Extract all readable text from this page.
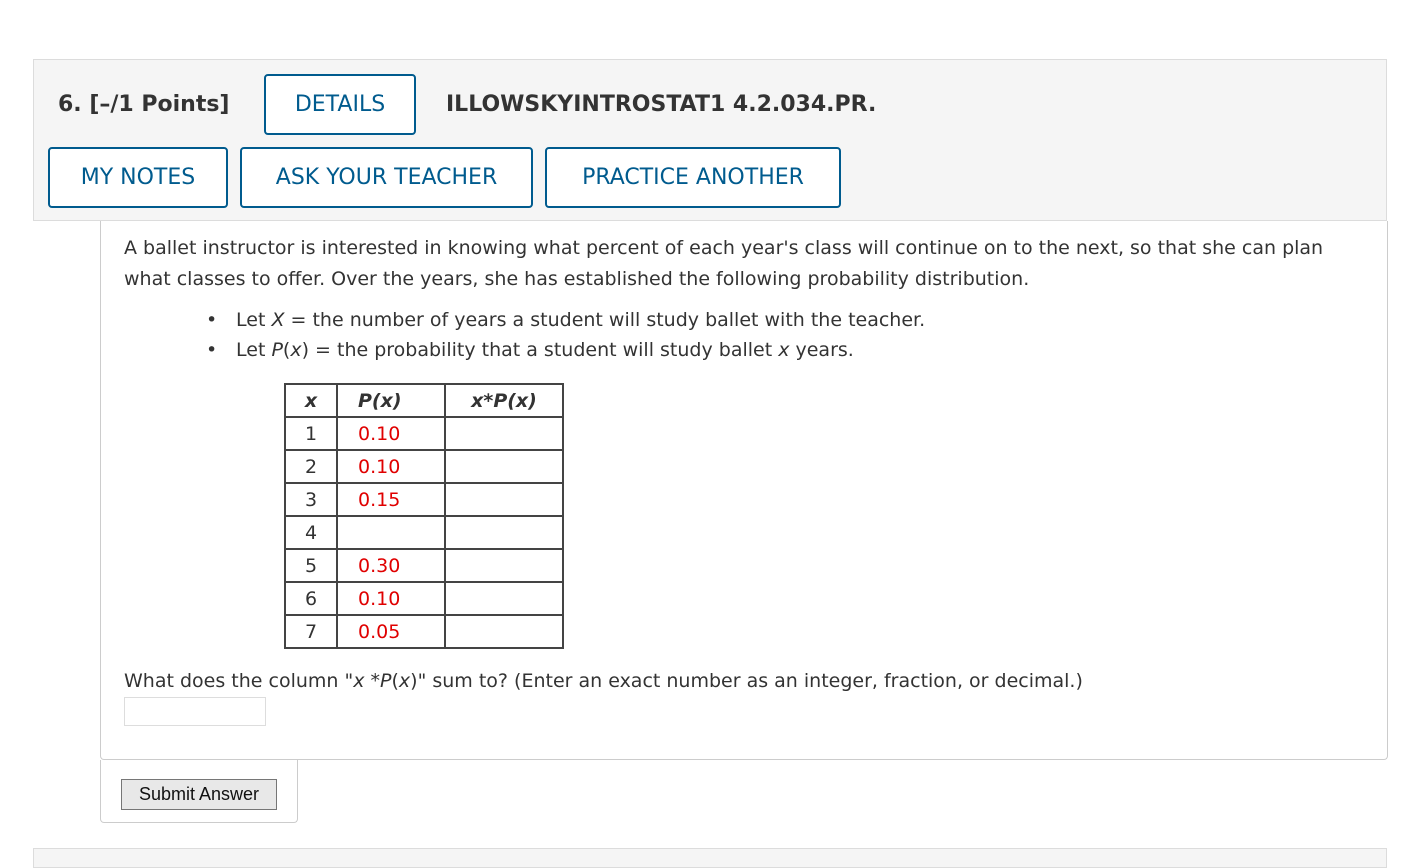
6. [–/1 Points]	DETAILS	ILLOWSKYINTROSTAT1 4.2.034.PR.
MY NOTES	ASK YOUR TEACHER	PRACTICE ANOTHER

A ballet instructor is interested in knowing what percent of each year's class will continue on to the next, so that she can plan what classes to offer. Over the years, she has established the following probability distribution.

• Let X = the number of years a student will study ballet with the teacher.
• Let P(x) = the probability that a student will study ballet x years.
x	P(x)	x*P(x)
1	0.10	
2	0.10	
3	0.15	
4		
5	0.30	
6	0.10	
7	0.05	
What does the column "x *P(x)" sum to? (Enter an exact number as an integer, fraction, or decimal.)
Submit Answer
